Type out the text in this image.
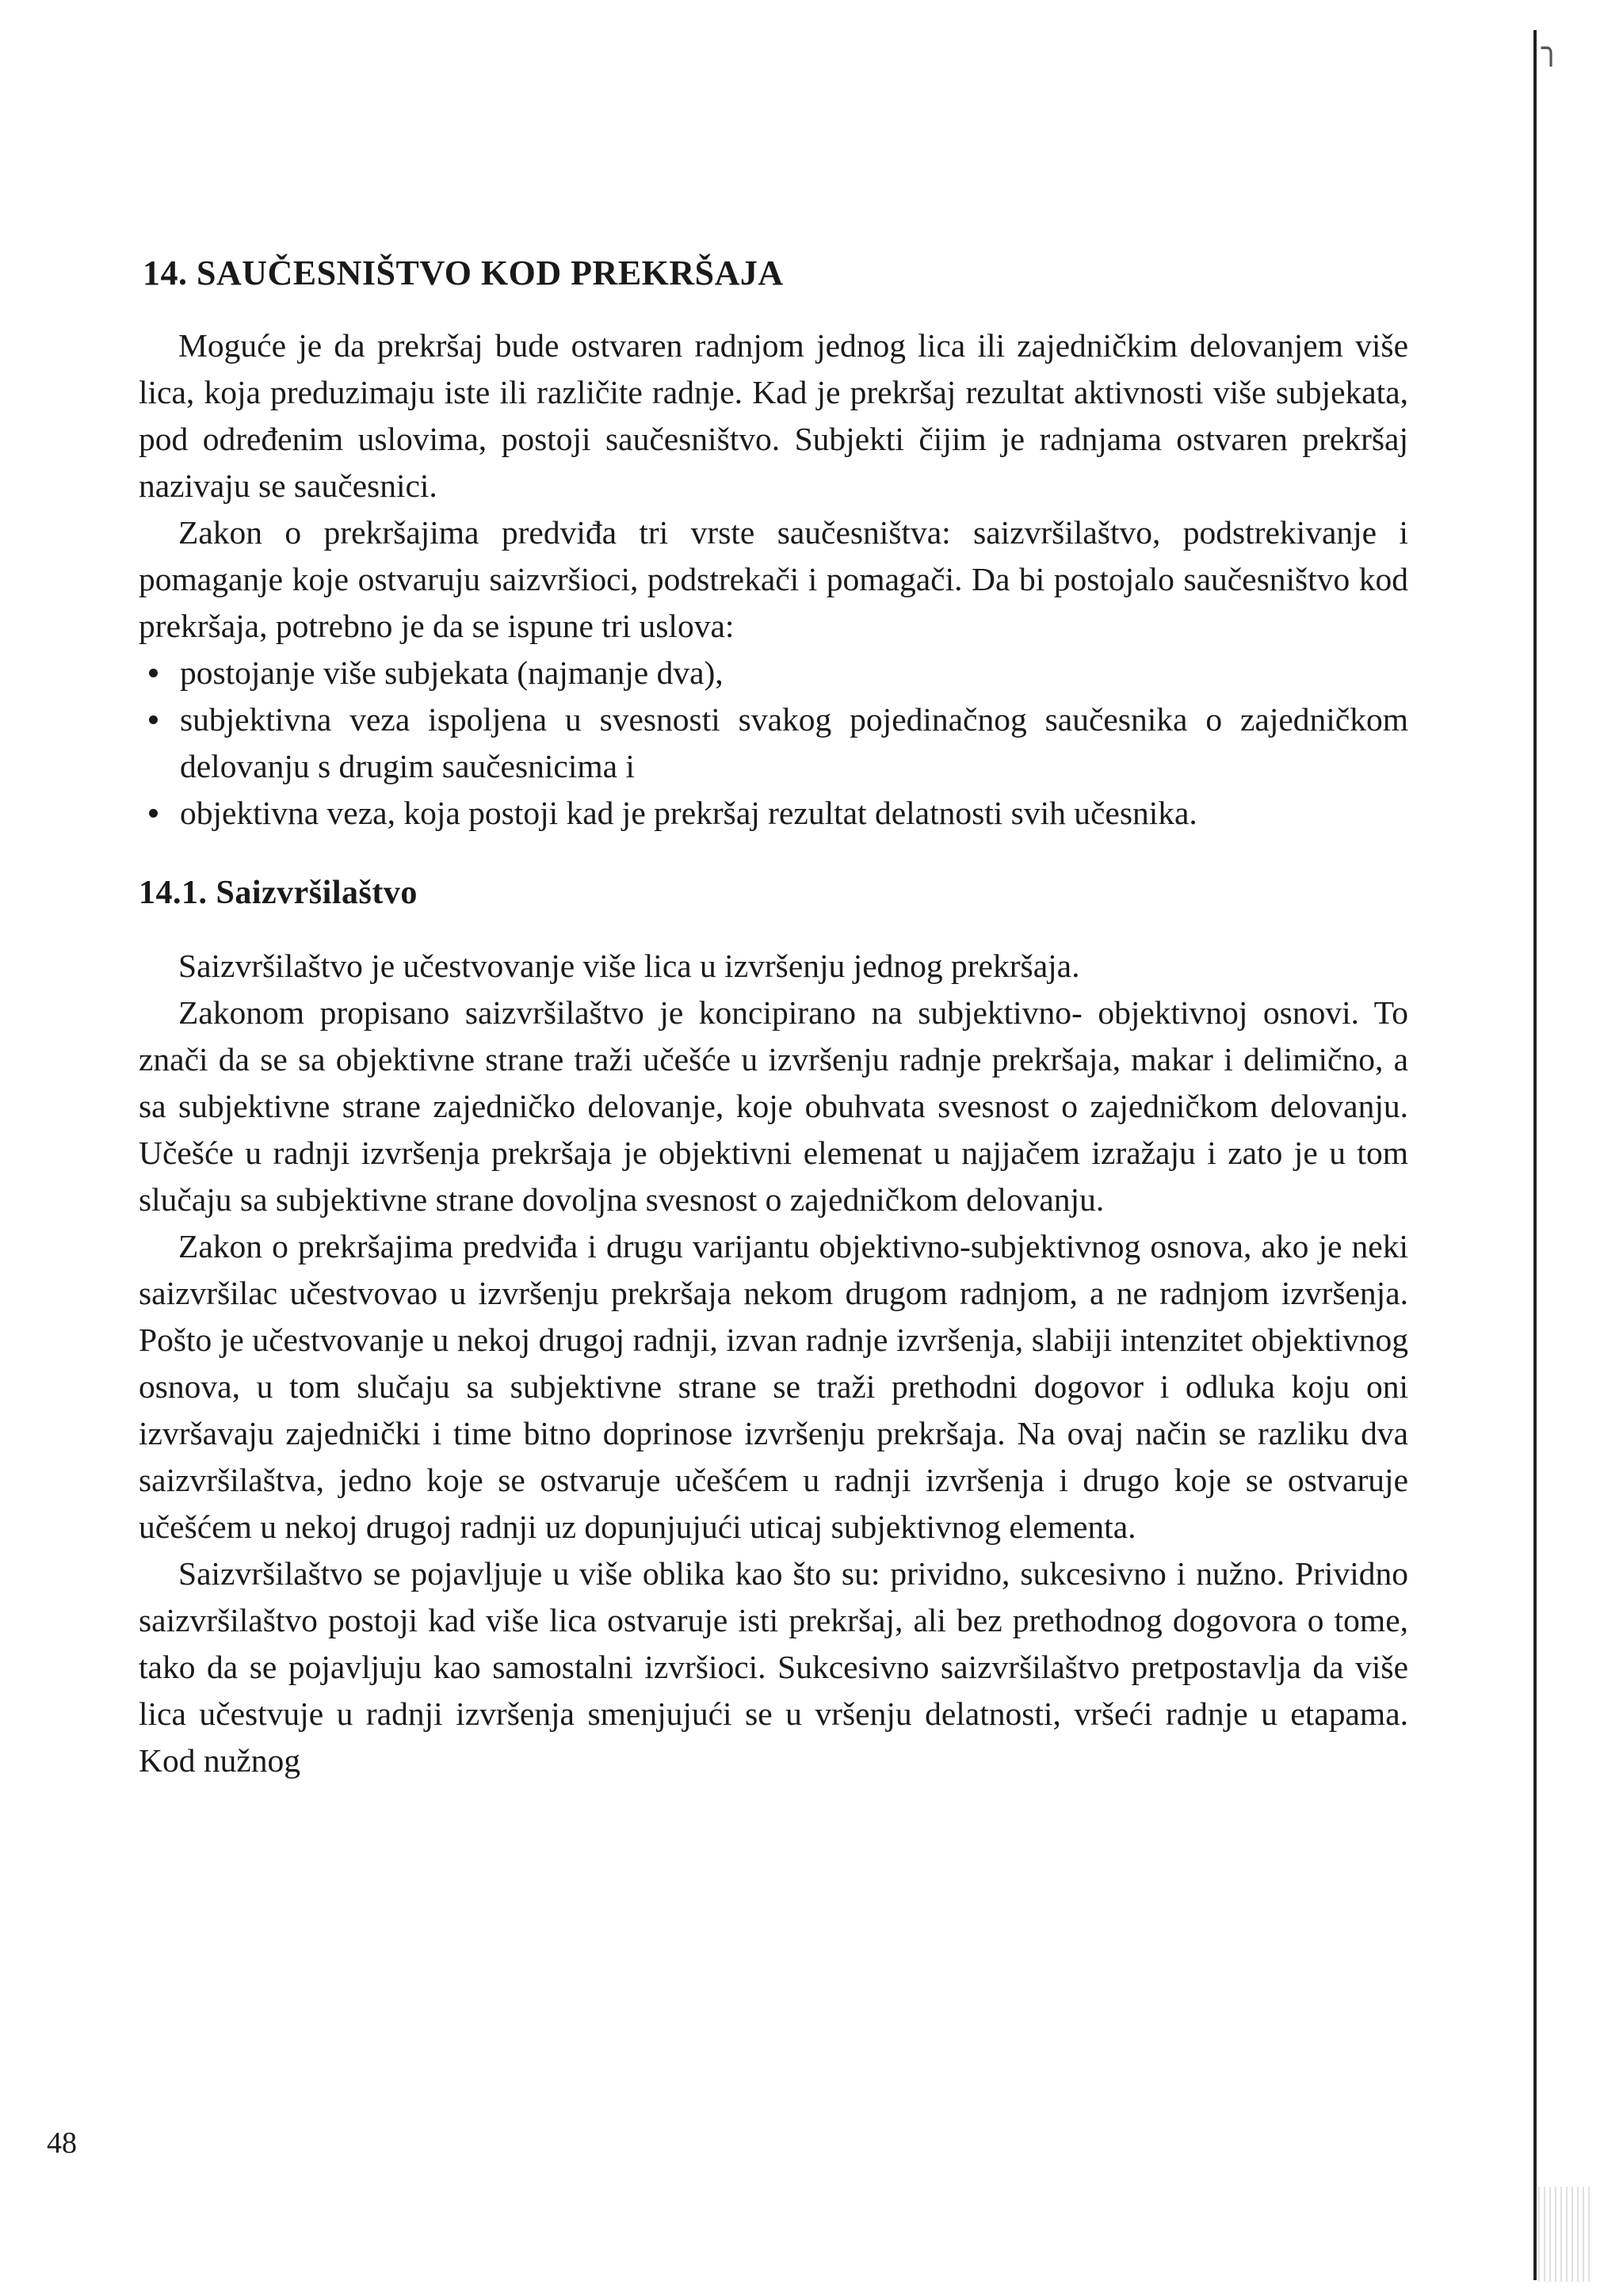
╮
14. SAUČESNIŠTVO KOD PREKRŠAJA

Moguće je da prekršaj bude ostvaren radnjom jednog lica ili zajedničkim delovanjem više lica, koja preduzimaju iste ili različite radnje. Kad je prekršaj rezultat aktivnosti više subjekata, pod određenim uslovima, postoji saučesništvo. Subjekti čijim je radnjama ostvaren prekršaj nazivaju se saučesnici.

Zakon o prekršajima predviđa tri vrste saučesništva: saizvršilaštvo, podstrekivanje i pomaganje koje ostvaruju saizvršioci, podstrekači i pomagači. Da bi postojalo saučesništvo kod prekršaja, potrebno je da se ispune tri uslova:

postojanje više subjekata (najmanje dva),
subjektivna veza ispoljena u svesnosti svakog pojedinačnog saučesnika o zajedničkom delovanju s drugim saučesnicima i
objektivna veza, koja postoji kad je prekršaj rezultat delatnosti svih učesnika.
14.1. Saizvršilaštvo

Saizvršilaštvo je učestvovanje više lica u izvršenju jednog prekršaja.

Zakonom propisano saizvršilaštvo je koncipirano na subjektivno- objektivnoj osnovi. To znači da se sa objektivne strane traži učešće u izvršenju radnje prekršaja, makar i delimično, a sa subjektivne strane zajedničko delovanje, koje obuhvata svesnost o zajedničkom delovanju. Učešće u radnji izvršenja prekršaja je objektivni elemenat u najjačem izražaju i zato je u tom slučaju sa subjektivne strane dovoljna svesnost o zajedničkom delovanju.

Zakon o prekršajima predviđa i drugu varijantu objektivno-subjektivnog osnova, ako je neki saizvršilac učestvovao u izvršenju prekršaja nekom drugom radnjom, a ne radnjom izvršenja. Pošto je učestvovanje u nekoj drugoj radnji, izvan radnje izvršenja, slabiji intenzitet objektivnog osnova, u tom slučaju sa subjektivne strane se traži prethodni dogovor i odluka koju oni izvršavaju zajednički i time bitno doprinose izvršenju prekršaja. Na ovaj način se razliku dva saizvršilaštva, jedno koje se ostvaruje učešćem u radnji izvršenja i drugo koje se ostvaruje učešćem u nekoj drugoj radnji uz dopunjujući uticaj subjektivnog elementa.

Saizvršilaštvo se pojavljuje u više oblika kao što su: prividno, sukcesivno i nužno. Prividno saizvršilaštvo postoji kad više lica ostvaruje isti prekršaj, ali bez prethodnog dogovora o tome, tako da se pojavljuju kao samostalni izvršioci. Sukcesivno saizvršilaštvo pretpostavlja da više lica učestvuje u radnji izvršenja smenjujući se u vršenju delatnosti, vršeći radnje u etapama. Kod nužnog

48
